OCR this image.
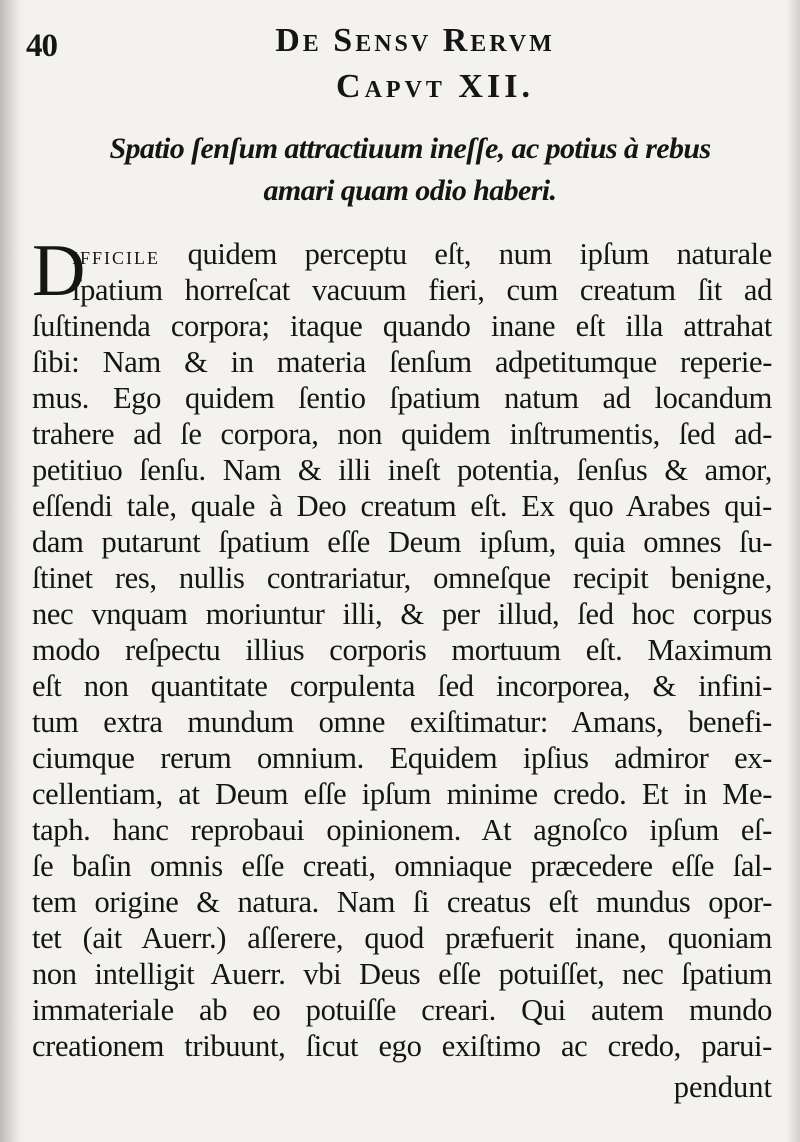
40	De Sensv Rervm
Capvt XII.
Spatio ſenſum attractiuum ineſſe, ac potius à rebus
amari quam odio haberi.
D
ifficile quidem perceptu eſt, num ipſum naturale
ſpatium horreſcat vacuum fieri, cum creatum ſit ad
ſuſtinenda corpora; itaque quando inane eſt illa attrahat
ſibi: Nam & in materia ſenſum adpetitumque reperie-
mus. Ego quidem ſentio ſpatium natum ad locandum
trahere ad ſe corpora, non quidem inſtrumentis, ſed ad-
petitiuo ſenſu. Nam & illi ineſt potentia, ſenſus & amor,
eſſendi tale, quale à Deo creatum eſt. Ex quo Arabes qui-
dam putarunt ſpatium eſſe Deum ipſum, quia omnes ſu-
ſtinet res, nullis contrariatur, omneſque recipit benigne,
nec vnquam moriuntur illi, & per illud, ſed hoc corpus
modo reſpectu illius corporis mortuum eſt. Maximum
eſt non quantitate corpulenta ſed incorporea, & infini-
tum extra mundum omne exiſtimatur: Amans, benefi-
ciumque rerum omnium. Equidem ipſius admiror ex-
cellentiam, at Deum eſſe ipſum minime credo. Et in Me-
taph. hanc reprobaui opinionem. At agnoſco ipſum eſ-
ſe baſin omnis eſſe creati, omniaque præcedere eſſe ſal-
tem origine & natura. Nam ſi creatus eſt mundus opor-
tet (ait Auerr.) aſſerere, quod præfuerit inane, quoniam
non intelligit Auerr. vbi Deus eſſe potuiſſet, nec ſpatium
immateriale ab eo potuiſſe creari. Qui autem mundo
creationem tribuunt, ſicut ego exiſtimo ac credo, parui-
pendunt
